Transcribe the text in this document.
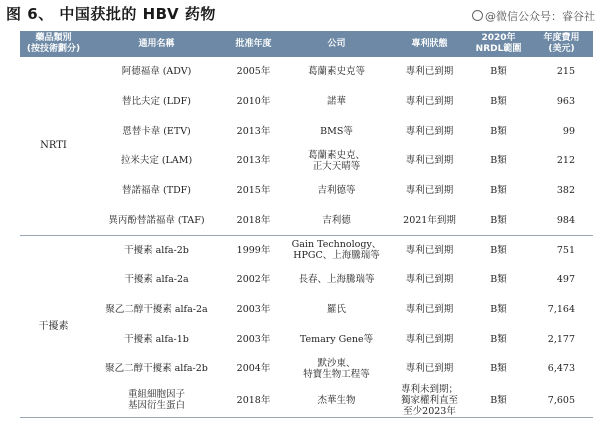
图 6、 中国获批的 HBV 药物	@微信公众号：睿谷社
藥品類別
(按技術劃分)	通用名稱	批准年度	公司	專利狀態	2020年
NRDL範圍	年度費用
(美元)
NRTI	阿德福韋 (ADV)	2005年	葛蘭素史克等	專利已到期	B類	215
	替比夫定 (LDF)	2010年	諾華	專利已到期	B類	963
	恩替卡韋 (ETV)	2013年	BMS等	專利已到期	B類	99
	拉米夫定 (LAM)	2013年	葛蘭素史克、
正大天晴等	專利已到期	B類	212
	替諾福韋 (TDF)	2015年	吉利德等	專利已到期	B類	382
	異丙酚替諾福韋 (TAF)	2018年	吉利德	2021年到期	B類	984
干擾素	干擾素 alfa-2b	1999年	Gain Technology、
HPGC、上海騰瑞等	專利已到期	B類	751
	干擾素 alfa-2a	2002年	長春、上海騰瑞等	專利已到期	B類	497
	聚乙二醇干擾素 alfa-2a	2003年	羅氏	專利已到期	B類	7,164
	干擾素 alfa-1b	2003年	Temary Gene等	專利已到期	B類	2,177
	聚乙二醇干擾素 alfa-2b	2004年	默沙東、
特寶生物工程等	專利已到期	B類	6,473
	重組細胞因子
基因衍生蛋白	2018年	杰華生物	專利未到期；
獨家權利直至
至少2023年	B類	7,605
